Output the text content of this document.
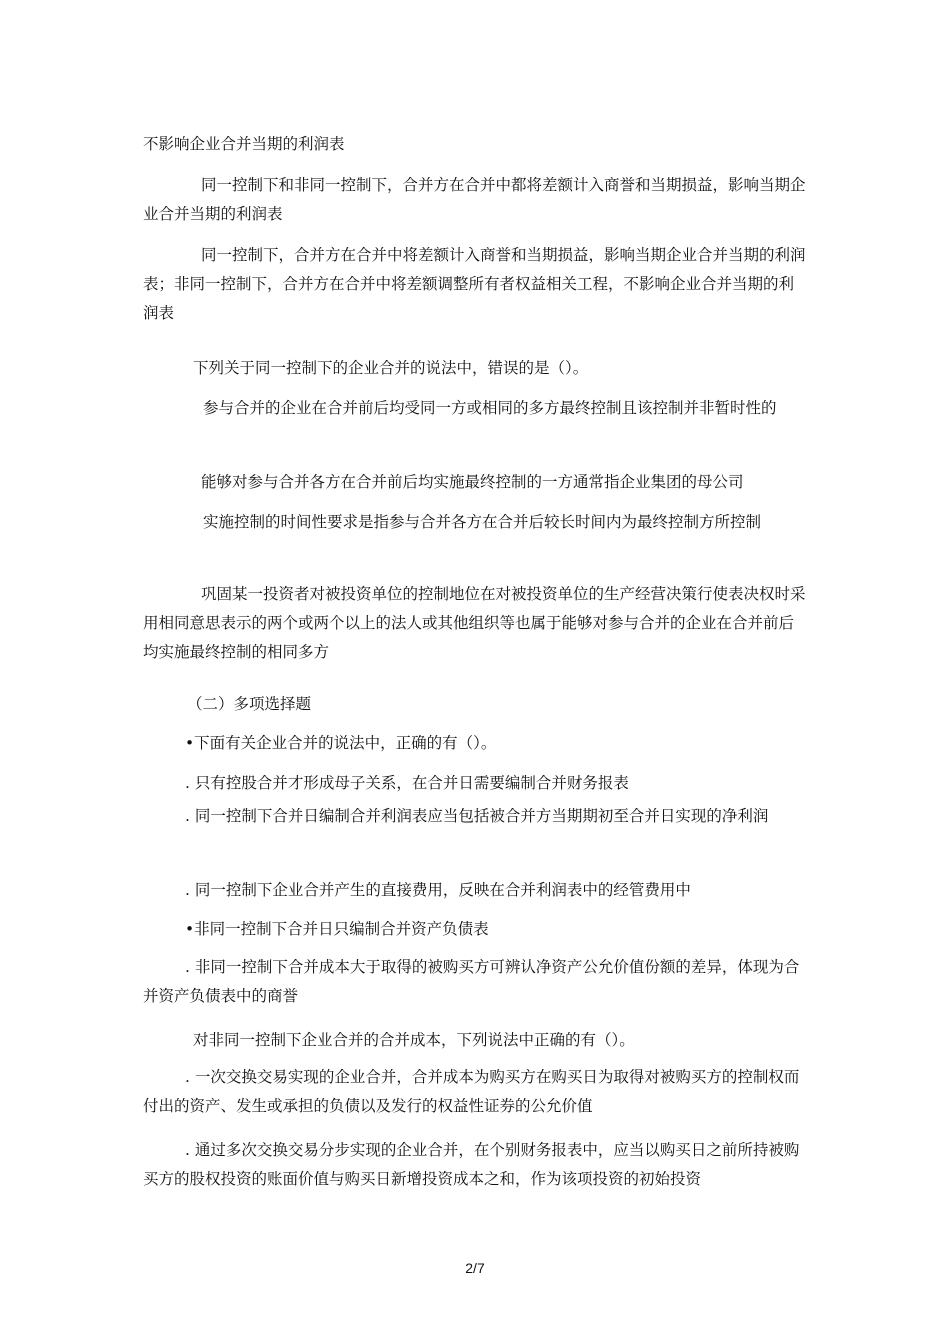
不影响企业合并当期的利润表

同一控制下和非同一控制下，合并方在合并中都将差额计入商誉和当期损益，影响当期企业合并当期的利润表

同一控制下，合并方在合并中将差额计入商誉和当期损益，影响当期企业合并当期的利润表；非同一控制下，合并方在合并中将差额调整所有者权益相关工程，不影响企业合并当期的利润表

下列关于同一控制下的企业合并的说法中，错误的是（）。

参与合并的企业在合并前后均受同一方或相同的多方最终控制且该控制并非暂时性的

能够对参与合并各方在合并前后均实施最终控制的一方通常指企业集团的母公司

实施控制的时间性要求是指参与合并各方在合并后较长时间内为最终控制方所控制

巩固某一投资者对被投资单位的控制地位在对被投资单位的生产经营决策行使表决权时采用相同意思表示的两个或两个以上的法人或其他组织等也属于能够对参与合并的企业在合并前后均实施最终控制的相同多方

（二）多项选择题

•下面有关企业合并的说法中，正确的有（）。

. 只有控股合并才形成母子关系，在合并日需要编制合并财务报表

. 同一控制下合并日编制合并利润表应当包括被合并方当期期初至合并日实现的净利润

. 同一控制下企业合并产生的直接费用，反映在合并利润表中的经管费用中

•非同一控制下合并日只编制合并资产负债表

. 非同一控制下合并成本大于取得的被购买方可辨认净资产公允价值份额的差异，体现为合并资产负债表中的商誉

对非同一控制下企业合并的合并成本，下列说法中正确的有（）。

. 一次交换交易实现的企业合并，合并成本为购买方在购买日为取得对被购买方的控制权而付出的资产、发生或承担的负债以及发行的权益性证券的公允价值

. 通过多次交换交易分步实现的企业合并，在个别财务报表中，应当以购买日之前所持被购买方的股权投资的账面价值与购买日新增投资成本之和，作为该项投资的初始投资

2/7
